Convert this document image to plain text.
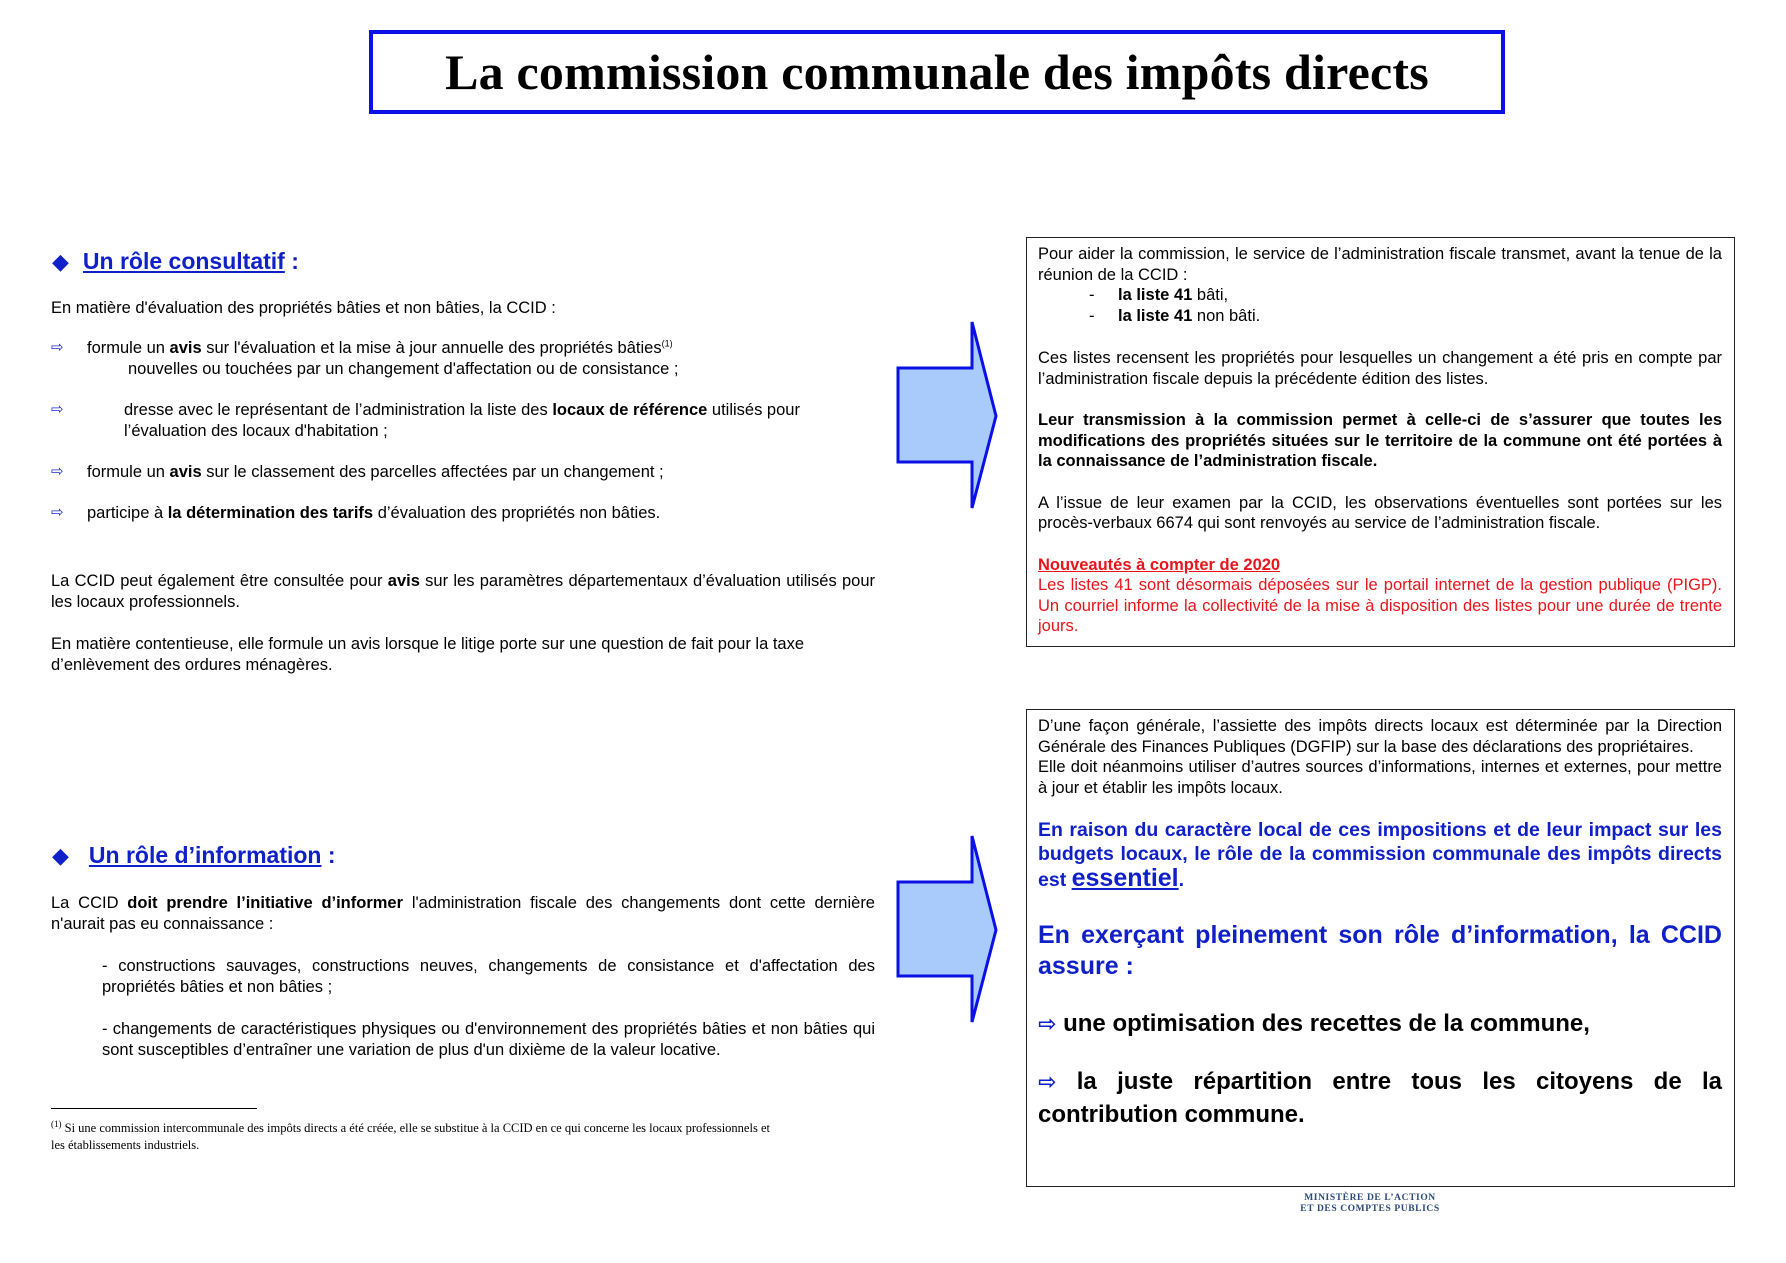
La commission communale des impôts directs
◆ Un rôle consultatif :
En matière d'évaluation des propriétés bâties et non bâties, la CCID :
⇨	formule un avis sur l'évaluation et la mise à jour annuelle des propriétés bâties$^{(1)}$
nouvelles ou touchées par un changement d'affectation ou de consistance ;
⇨	dresse avec le représentant de l’administration la liste des locaux de référence utilisés pour
l’évaluation des locaux d'habitation ;
⇨	formule un avis sur le classement des parcelles affectées par un changement ;
⇨	participe à la détermination des tarifs d’évaluation des propriétés non bâties.
La CCID peut également être consultée pour avis sur les paramètres départementaux d’évaluation utilisés pour les locaux professionnels.
En matière contentieuse, elle formule un avis lorsque le litige porte sur une question de fait pour la taxe d’enlèvement des ordures ménagères.
◆ Un rôle d’information :
La CCID doit prendre l’initiative d’informer l'administration fiscale des changements dont cette dernière n'aurait pas eu connaissance :
- constructions sauvages, constructions neuves, changements de consistance et d'affectation des propriétés bâties et non bâties ;
- changements de caractéristiques physiques ou d'environnement des propriétés bâties et non bâties qui sont susceptibles d’entraîner une variation de plus d'un dixième de la valeur locative.
$^{(1)}$ Si une commission intercommunale des impôts directs a été créée, elle se substitue à la CCID en ce qui concerne les locaux professionnels et les établissements industriels.
Pour aider la commission, le service de l’administration fiscale transmet, avant la tenue de la réunion de la CCID :
- la liste 41 bâti,
- la liste 41 non bâti.
Ces listes recensent les propriétés pour lesquelles un changement a été pris en compte par l’administration fiscale depuis la précédente édition des listes.
Leur transmission à la commission permet à celle-ci de s’assurer que toutes les modifications des propriétés situées sur le territoire de la commune ont été portées à la connaissance de l’administration fiscale.
A l’issue de leur examen par la CCID, les observations éventuelles sont portées sur les procès-verbaux 6674 qui sont renvoyés au service de l’administration fiscale.
Nouveautés à compter de 2020
Les listes 41 sont désormais déposées sur le portail internet de la gestion publique (PIGP). Un courriel informe la collectivité de la mise à disposition des listes pour une durée de trente jours.
D’une façon générale, l’assiette des impôts directs locaux est déterminée par la Direction Générale des Finances Publiques (DGFIP) sur la base des déclarations des propriétaires.
Elle doit néanmoins utiliser d’autres sources d’informations, internes et externes, pour mettre à jour et établir les impôts locaux.
En raison du caractère local de ces impositions et de leur impact sur les budgets locaux, le rôle de la commission communale des impôts directs est essentiel.
En exerçant pleinement son rôle d’information, la CCID assure :
⇨ une optimisation des recettes de la commune,
⇨ la juste répartition entre tous les citoyens de la contribution commune.
MINISTÈRE DE L’ACTION
ET DES COMPTES PUBLICS
